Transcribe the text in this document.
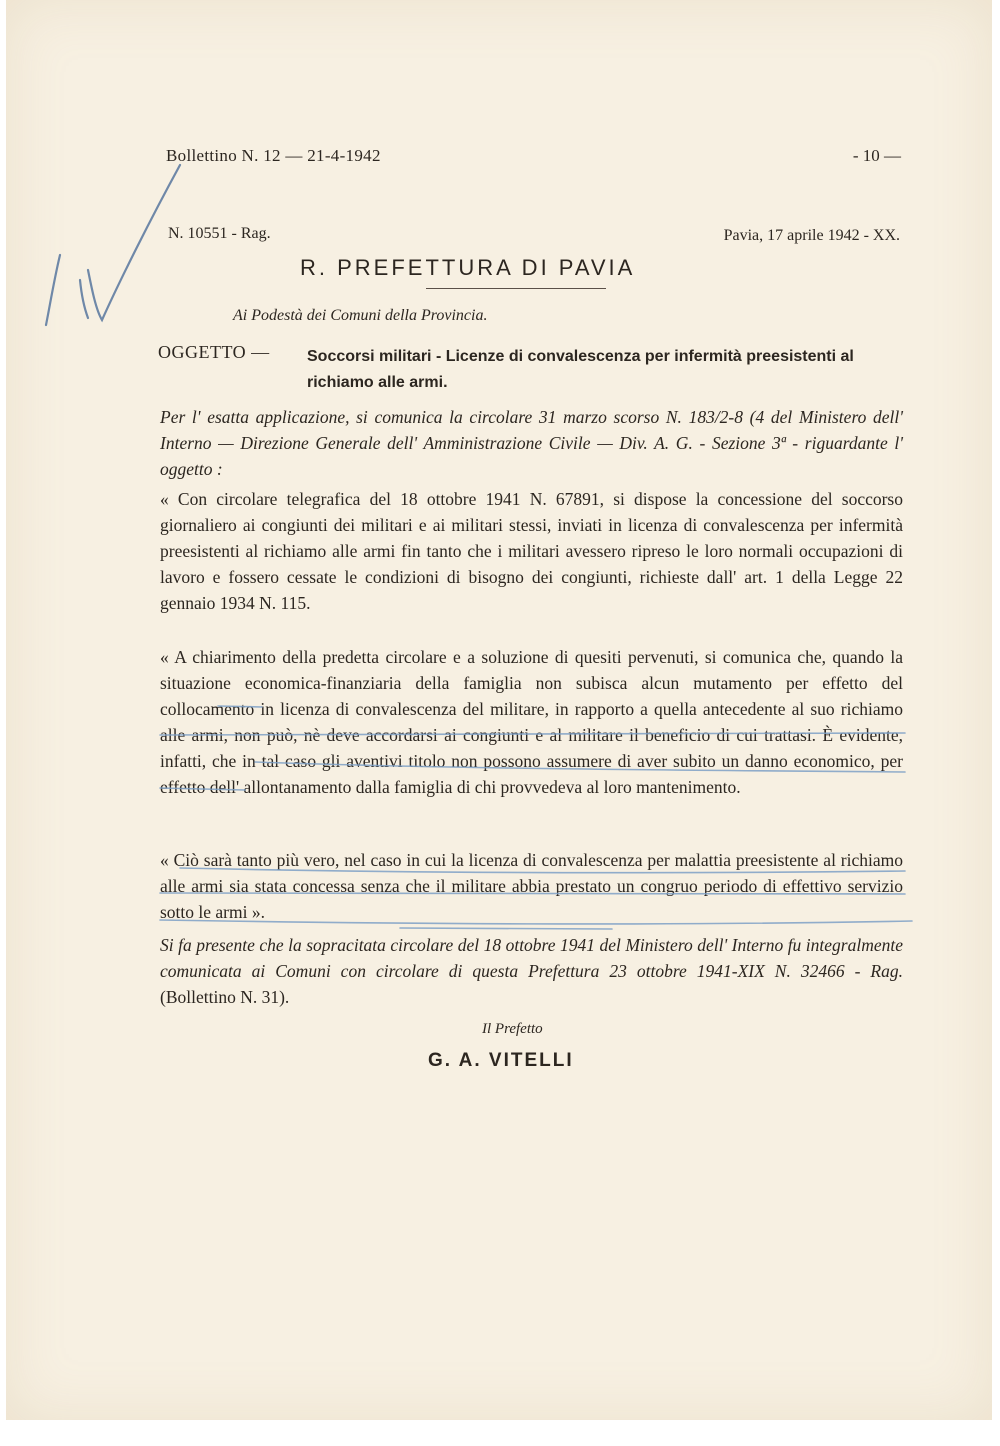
Bollettino N. 12 — 21-4-1942	- 10 —
N. 10551 - Rag.	Pavia, 17 aprile 1942 - XX.
R. PREFETTURA DI PAVIA
Ai Podestà dei Comuni della Provincia.
OGGETTO — Soccorsi militari - Licenze di convalescenza per infermità preesistenti al richiamo alle armi.
Per l' esatta applicazione, si comunica la circolare 31 marzo scorso N. 183/2-8 (4 del Ministero dell' Interno — Direzione Generale dell' Amministrazione Civile — Div. A. G. - Sezione 3ª - riguardante l' oggetto :
« Con circolare telegrafica del 18 ottobre 1941 N. 67891, si dispose la concessione del soccorso giornaliero ai congiunti dei militari e ai militari stessi, inviati in licenza di convalescenza per infermità preesistenti al richiamo alle armi fin tanto che i militari avessero ripreso le loro normali occupazioni di lavoro e fossero cessate le condizioni di bisogno dei congiunti, richieste dall' art. 1 della Legge 22 gennaio 1934 N. 115.
« A chiarimento della predetta circolare e a soluzione di quesiti pervenuti, si comunica che, quando la situazione economica-finanziaria della famiglia non subisca alcun mutamento per effetto del collocamento in licenza di convalescenza del militare, in rapporto a quella antecedente al suo richiamo alle armi, non può, nè deve accordarsi ai congiunti e al militare il beneficio di cui trattasi. È evidente, infatti, che in tal caso gli aventivi titolo non possono assumere di aver subito un danno economico, per effetto dell' allontanamento dalla famiglia di chi provvedeva al loro mantenimento.
« Ciò sarà tanto più vero, nel caso in cui la licenza di convalescenza per malattia preesistente al richiamo alle armi sia stata concessa senza che il militare abbia prestato un congruo periodo di effettivo servizio sotto le armi ».
Si fa presente che la sopracitata circolare del 18 ottobre 1941 del Ministero dell' Interno fu integralmente comunicata ai Comuni con circolare di questa Prefettura 23 ottobre 1941-XIX N. 32466 - Rag. (Bollettino N. 31).
Il Prefetto
G. A. VITELLI
